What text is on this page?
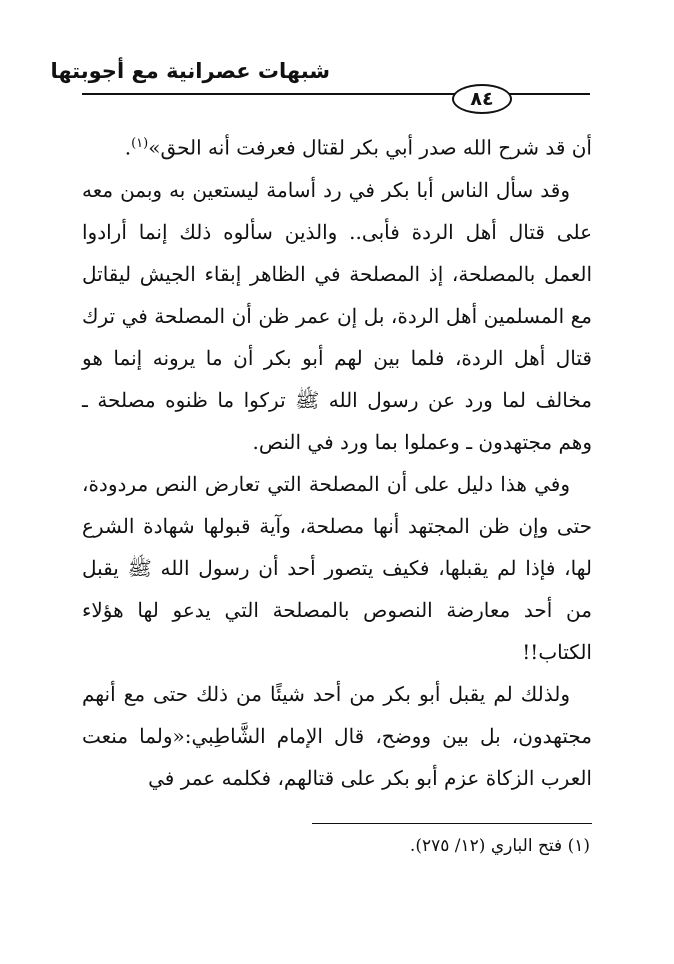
شبهات عصرانية مع أجوبتها
٨٤

أن قد شرح الله صدر أبي بكر لقتال فعرفت أنه الحق»$^{(١)}$.

وقد سأل الناس أبا بكر في رد أسامة ليستعين به وبمن معه على قتال أهل الردة فأبى.. والذين سألوه ذلك إنما أرادوا العمل بالمصلحة، إذ المصلحة في الظاهر إبقاء الجيش ليقاتل مع المسلمين أهل الردة، بل إن عمر ظن أن المصلحة في ترك قتال أهل الردة، فلما بين لهم أبو بكر أن ما يرونه إنما هو مخالف لما ورد عن رسول الله ﷺ تركوا ما ظنوه مصلحة ـ وهم مجتهدون ـ وعملوا بما ورد في النص.

وفي هذا دليل على أن المصلحة التي تعارض النص مردودة، حتى وإن ظن المجتهد أنها مصلحة، وآية قبولها شهادة الشرع لها، فإذا لم يقبلها، فكيف يتصور أحد أن رسول الله ﷺ يقبل من أحد معارضة النصوص بالمصلحة التي يدعو لها هؤلاء الكتاب!!

ولذلك لم يقبل أبو بكر من أحد شيئًا من ذلك حتى مع أنهم مجتهدون، بل بين ووضح، قال الإمام الشَّاطِبي:«ولما منعت العرب الزكاة عزم أبو بكر على قتالهم، فكلمه عمر في

(١) فتح الباري (١٢/ ٢٧٥).
